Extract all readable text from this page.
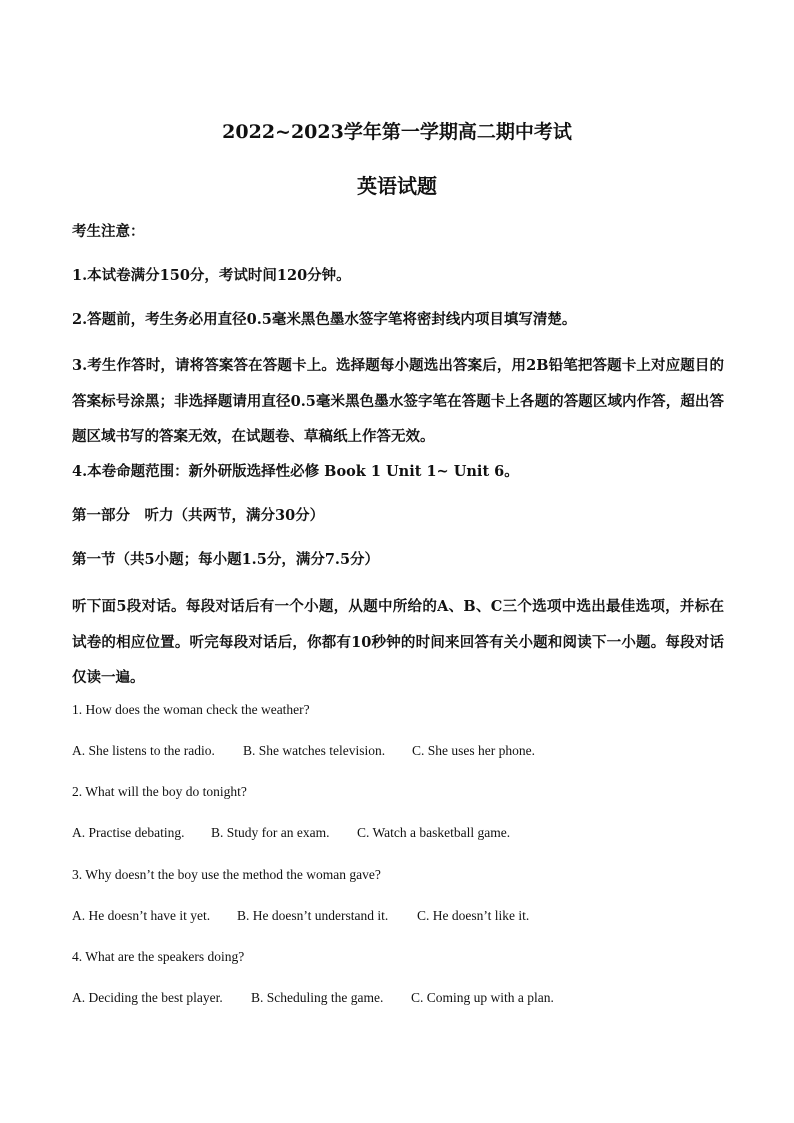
2022~2023学年第一学期高二期中考试
英语试题
考生注意：
1.本试卷满分150分，考试时间120分钟。
2.答题前，考生务必用直径0.5毫米黑色墨水签字笔将密封线内项目填写清楚。
3.考生作答时，请将答案答在答题卡上。选择题每小题选出答案后，用2B铅笔把答题卡上对应题目的答案标号涂黑；非选择题请用直径0.5毫米黑色墨水签字笔在答题卡上各题的答题区域内作答，超出答题区域书写的答案无效，在试题卷、草稿纸上作答无效。
4.本卷命题范围：新外研版选择性必修 Book 1 Unit 1~ Unit 6。
第一部分　听力（共两节，满分30分）
第一节（共5小题；每小题1.5分，满分7.5分）
听下面5段对话。每段对话后有一个小题，从题中所给的A、B、C三个选项中选出最佳选项，并标在试卷的相应位置。听完每段对话后，你都有10秒钟的时间来回答有关小题和阅读下一小题。每段对话仅读一遍。
1. How does the woman check the weather?
A. She listens to the radio. B. She watches television. C. She uses her phone.
2. What will the boy do tonight?
A. Practise debating. B. Study for an exam. C. Watch a basketball game.
3. Why doesn’t the boy use the method the woman gave?
A. He doesn’t have it yet. B. He doesn’t understand it. C. He doesn’t like it.
4. What are the speakers doing?
A. Deciding the best player. B. Scheduling the game. C. Coming up with a plan.
